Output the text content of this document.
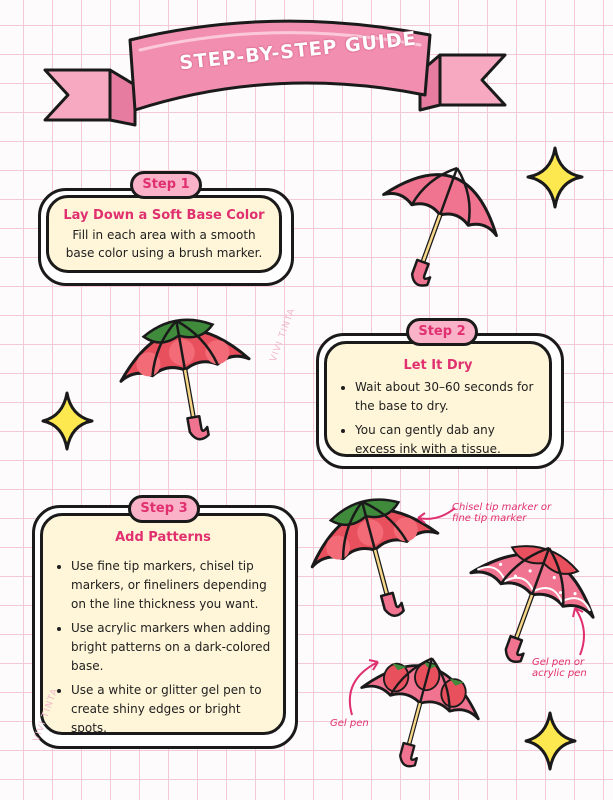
STEP-BY-STEP GUIDE
Lay Down a Soft Base Color
Fill in each area with a smooth base color using a brush marker.
Step 1
Let It Dry
• Wait about 30–60 seconds for the base to dry.
• You can gently dab any excess ink with a tissue.
Step 2
Add Patterns
• Use fine tip markers, chisel tip markers, or fineliners depending on the line thickness you want.
• Use acrylic markers when adding bright patterns on a dark-colored base.
• Use a white or glitter gel pen to create shiny edges or bright spots.
Step 3	Chisel tip marker or fine tip marker
Gel pen or acrylic pen
Gel pen
VIVI TINTA
VIVI TINTA
